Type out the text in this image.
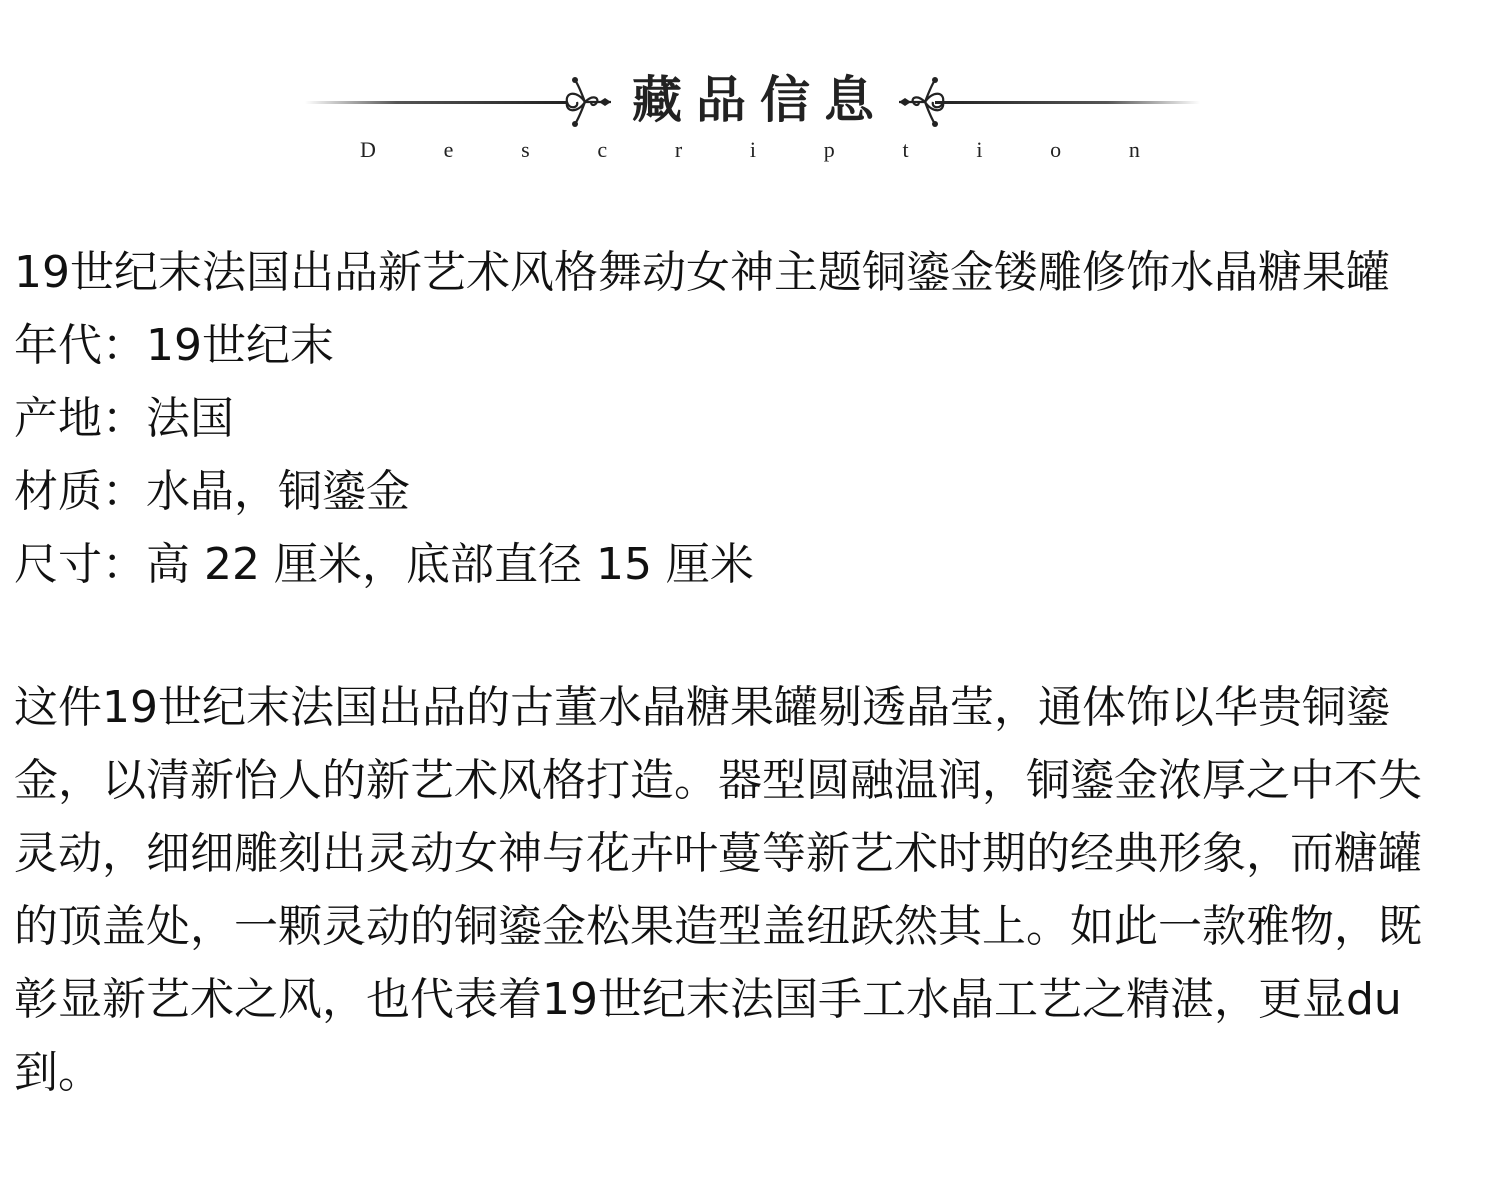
藏品信息
D	e	s	c	r	i	p	t	i	o	n

19世纪末法国出品新艺术风格舞动女神主题铜鎏金镂雕修饰水晶糖果罐

年代：19世纪末

产地：法国

材质：水晶，铜鎏金

尺寸：高 22 厘米，底部直径 15 厘米

这件19世纪末法国出品的古董水晶糖果罐剔透晶莹，通体饰以华贵铜鎏金，以清新怡人的新艺术风格打造。器型圆融温润，铜鎏金浓厚之中不失灵动，细细雕刻出灵动女神与花卉叶蔓等新艺术时期的经典形象，而糖罐的顶盖处，一颗灵动的铜鎏金松果造型盖纽跃然其上。如此一款雅物，既彰显新艺术之风，也代表着19世纪末法国手工水晶工艺之精湛，更显du到。
